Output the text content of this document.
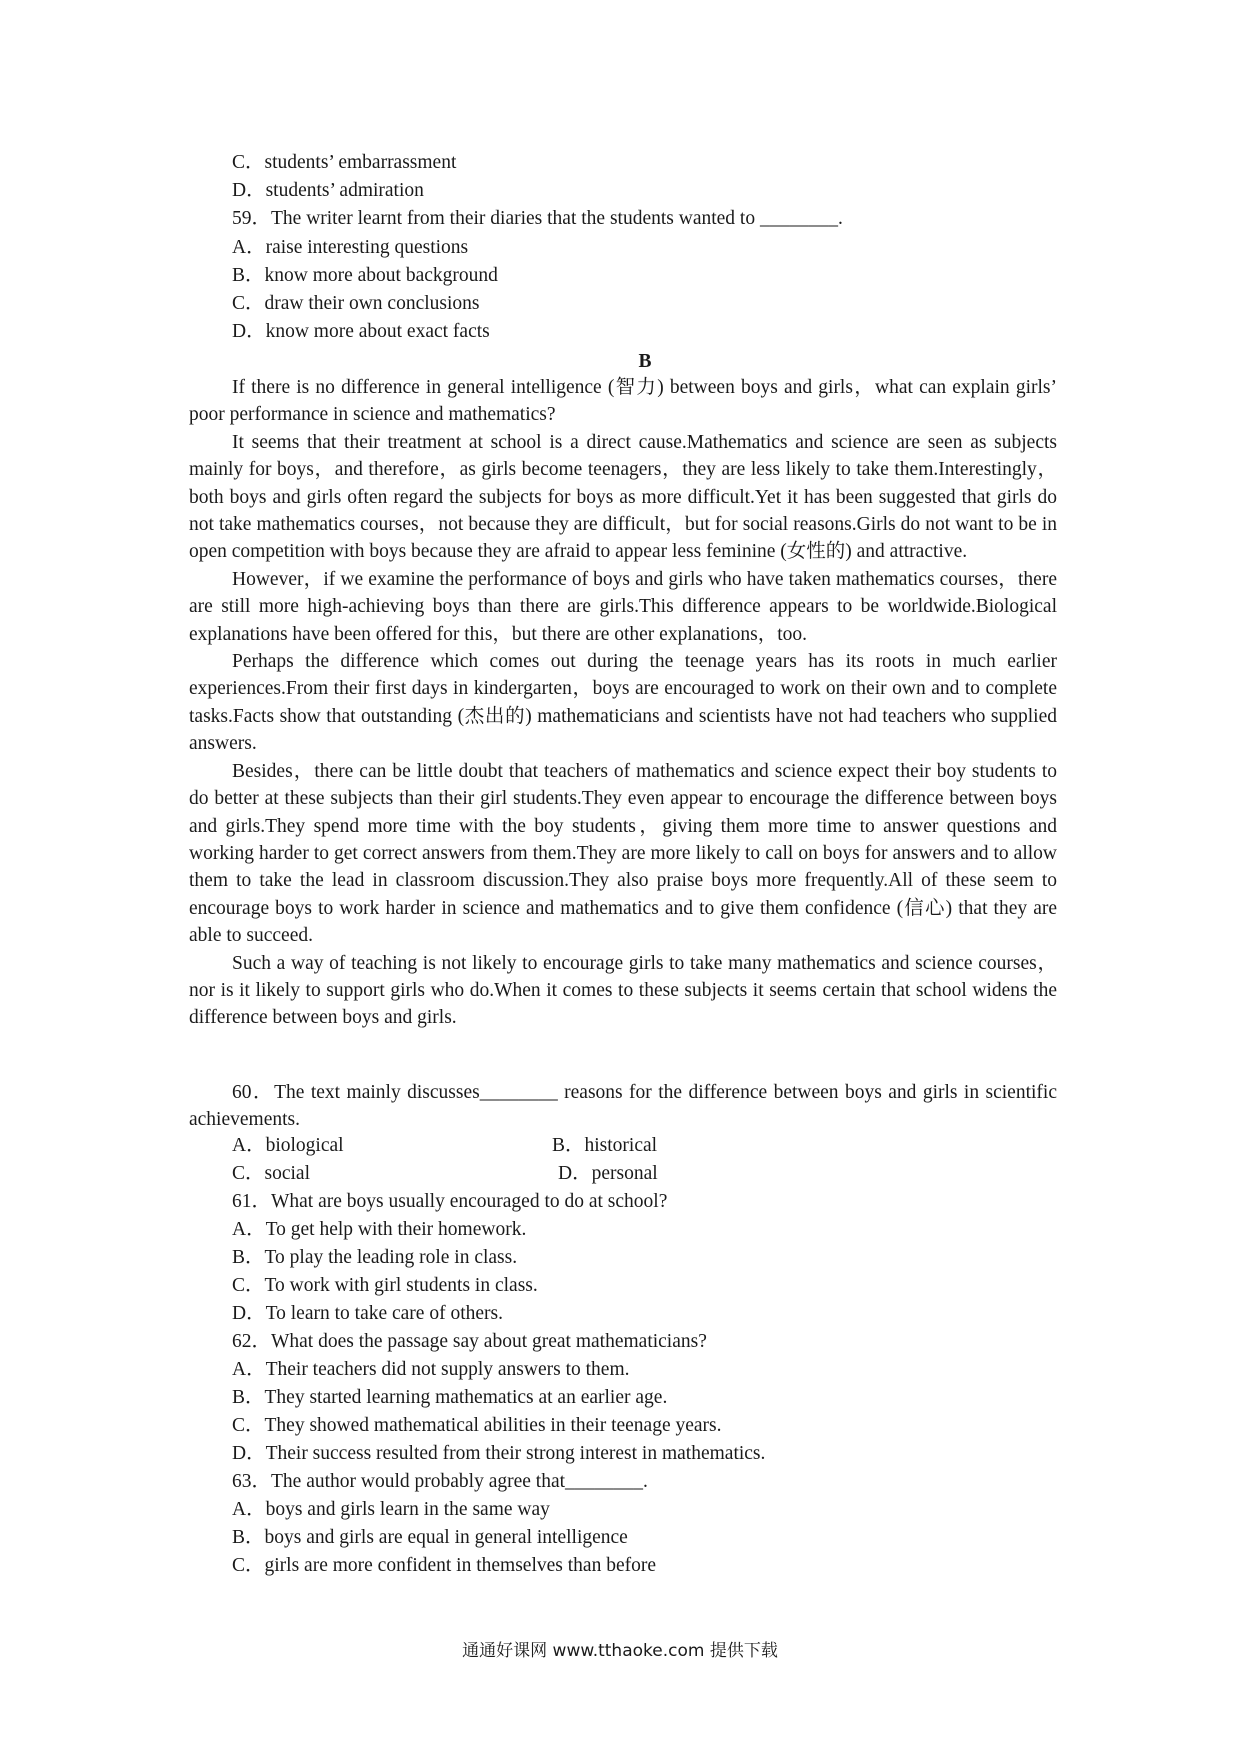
C．students’ embarrassment
D．students’ admiration
59．The writer learnt from their diaries that the students wanted to ________.
A．raise interesting questions
B．know more about background
C．draw their own conclusions
D．know more about exact facts
B

If there is no difference in general intelligence (智力) between boys and girls，what can explain girls’ poor performance in science and mathematics?

It seems that their treatment at school is a direct cause.Mathematics and science are seen as subjects mainly for boys，and therefore，as girls become teenagers，they are less likely to take them.Interestingly，both boys and girls often regard the subjects for boys as more difficult.Yet it has been suggested that girls do not take mathematics courses，not because they are difficult，but for social reasons.Girls do not want to be in open competition with boys because they are afraid to appear less feminine (女性的) and attractive.

However，if we examine the performance of boys and girls who have taken mathematics courses，there are still more high-achieving boys than there are girls.This difference appears to be worldwide.Biological explanations have been offered for this，but there are other explanations，too.

Perhaps the difference which comes out during the teenage years has its roots in much earlier experiences.From their first days in kindergarten，boys are encouraged to work on their own and to complete tasks.Facts show that outstanding (杰出的) mathematicians and scientists have not had teachers who supplied answers.

Besides，there can be little doubt that teachers of mathematics and science expect their boy students to do better at these subjects than their girl students.They even appear to encourage the difference between boys and girls.They spend more time with the boy students，giving them more time to answer questions and working harder to get correct answers from them.They are more likely to call on boys for answers and to allow them to take the lead in classroom discussion.They also praise boys more frequently.All of these seem to encourage boys to work harder in science and mathematics and to give them confidence (信心) that they are able to succeed.

Such a way of teaching is not likely to encourage girls to take many mathematics and science courses，nor is it likely to support girls who do.When it comes to these subjects it seems certain that school widens the difference between boys and girls.

60．The text mainly discusses________ reasons for the difference between boys and girls in scientific achievements.

A．biological	B．historical
C．social	D．personal
61．What are boys usually encouraged to do at school?
A．To get help with their homework.
B．To play the leading role in class.
C．To work with girl students in class.
D．To learn to take care of others.
62．What does the passage say about great mathematicians?
A．Their teachers did not supply answers to them.
B．They started learning mathematics at an earlier age.
C．They showed mathematical abilities in their teenage years.
D．Their success resulted from their strong interest in mathematics.
63．The author would probably agree that________.
A．boys and girls learn in the same way
B．boys and girls are equal in general intelligence
C．girls are more confident in themselves than before
通通好课网 www.tthaoke.com 提供下载
